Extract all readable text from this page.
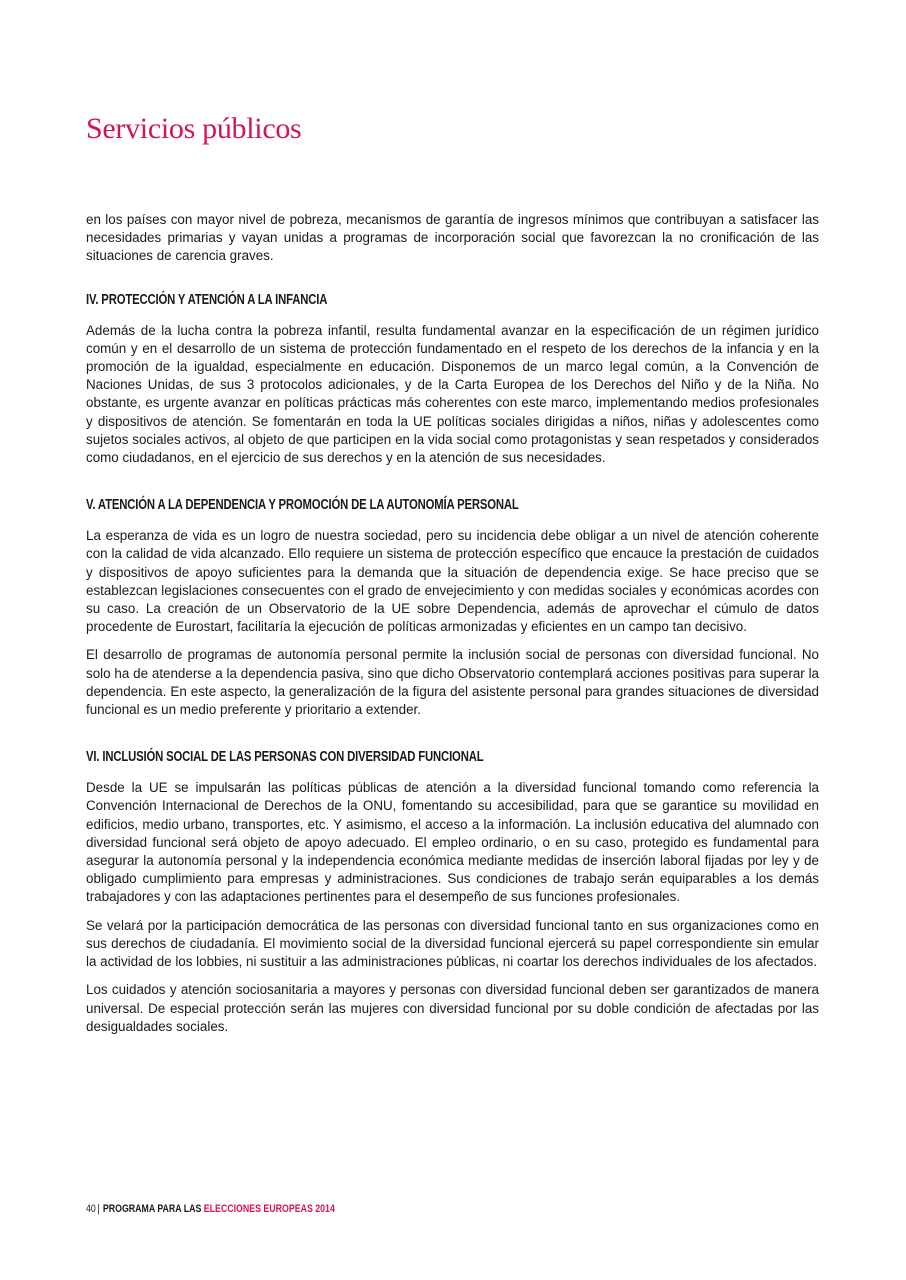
Servicios públicos

en los países con mayor nivel de pobreza, mecanismos de garantía de ingresos mínimos que contribuyan a satisfacer las necesidades primarias y vayan unidas a programas de incorporación social que favorezcan la no cronificación de las situaciones de carencia graves.

IV. PROTECCIÓN Y ATENCIÓN A LA INFANCIA

Además de la lucha contra la pobreza infantil, resulta fundamental avanzar en la especificación de un régimen jurídico común y en el desarrollo de un sistema de protección fundamentado en el respeto de los derechos de la infancia y en la promoción de la igualdad, especialmente en educación. Disponemos de un marco legal común, a la Convención de Naciones Unidas, de sus 3 protocolos adicionales, y de la Carta Europea de los Derechos del Niño y de la Niña. No obstante, es urgente avanzar en políticas prácticas más coherentes con este marco, implementando medios profesionales y dispositivos de atención. Se fomentarán en toda la UE políticas sociales dirigidas a niños, niñas y adolescentes como sujetos sociales activos, al objeto de que participen en la vida social como protagonistas y sean respetados y considerados como ciudadanos, en el ejercicio de sus derechos y en la atención de sus necesidades.

V. ATENCIÓN A LA DEPENDENCIA Y PROMOCIÓN DE LA AUTONOMÍA PERSONAL

La esperanza de vida es un logro de nuestra sociedad, pero su incidencia debe obligar a un nivel de atención coherente con la calidad de vida alcanzado. Ello requiere un sistema de protección específico que encauce la prestación de cuidados y dispositivos de apoyo suficientes para la demanda que la situación de dependencia exige. Se hace preciso que se establezcan legislaciones consecuentes con el grado de envejecimiento y con medidas sociales y económicas acordes con su caso. La creación de un Observatorio de la UE sobre Dependencia, además de aprovechar el cúmulo de datos procedente de Eurostart, facilitaría la ejecución de políticas armonizadas y eficientes en un campo tan decisivo.

El desarrollo de programas de autonomía personal permite la inclusión social de personas con diversidad funcional. No solo ha de atenderse a la dependencia pasiva, sino que dicho Observatorio contemplará acciones positivas para superar la dependencia. En este aspecto, la generalización de la figura del asistente personal para grandes situaciones de diversidad funcional es un medio preferente y prioritario a extender.

VI. INCLUSIÓN SOCIAL DE LAS PERSONAS CON DIVERSIDAD FUNCIONAL

Desde la UE se impulsarán las políticas públicas de atención a la diversidad funcional tomando como referencia la Convención Internacional de Derechos de la ONU, fomentando su accesibilidad, para que se garantice su movilidad en edificios, medio urbano, transportes, etc. Y asimismo, el acceso a la información. La inclusión educativa del alumnado con diversidad funcional será objeto de apoyo adecuado. El empleo ordinario, o en su caso, protegido es fundamental para asegurar la autonomía personal y la independencia económica mediante medidas de inserción laboral fijadas por ley y de obligado cumplimiento para empresas y administraciones. Sus condiciones de trabajo serán equiparables a los demás trabajadores y con las adaptaciones pertinentes para el desempeño de sus funciones profesionales.

Se velará por la participación democrática de las personas con diversidad funcional tanto en sus organizaciones como en sus derechos de ciudadanía. El movimiento social de la diversidad funcional ejercerá su papel correspondiente sin emular la actividad de los lobbies, ni sustituir a las administraciones públicas, ni coartar los derechos individuales de los afectados.

Los cuidados y atención sociosanitaria a mayores y personas con diversidad funcional deben ser garantizados de manera universal. De especial protección serán las mujeres con diversidad funcional por su doble condición de afectadas por las desigualdades sociales.

40 | PROGRAMA PARA LAS ELECCIONES EUROPEAS 2014
